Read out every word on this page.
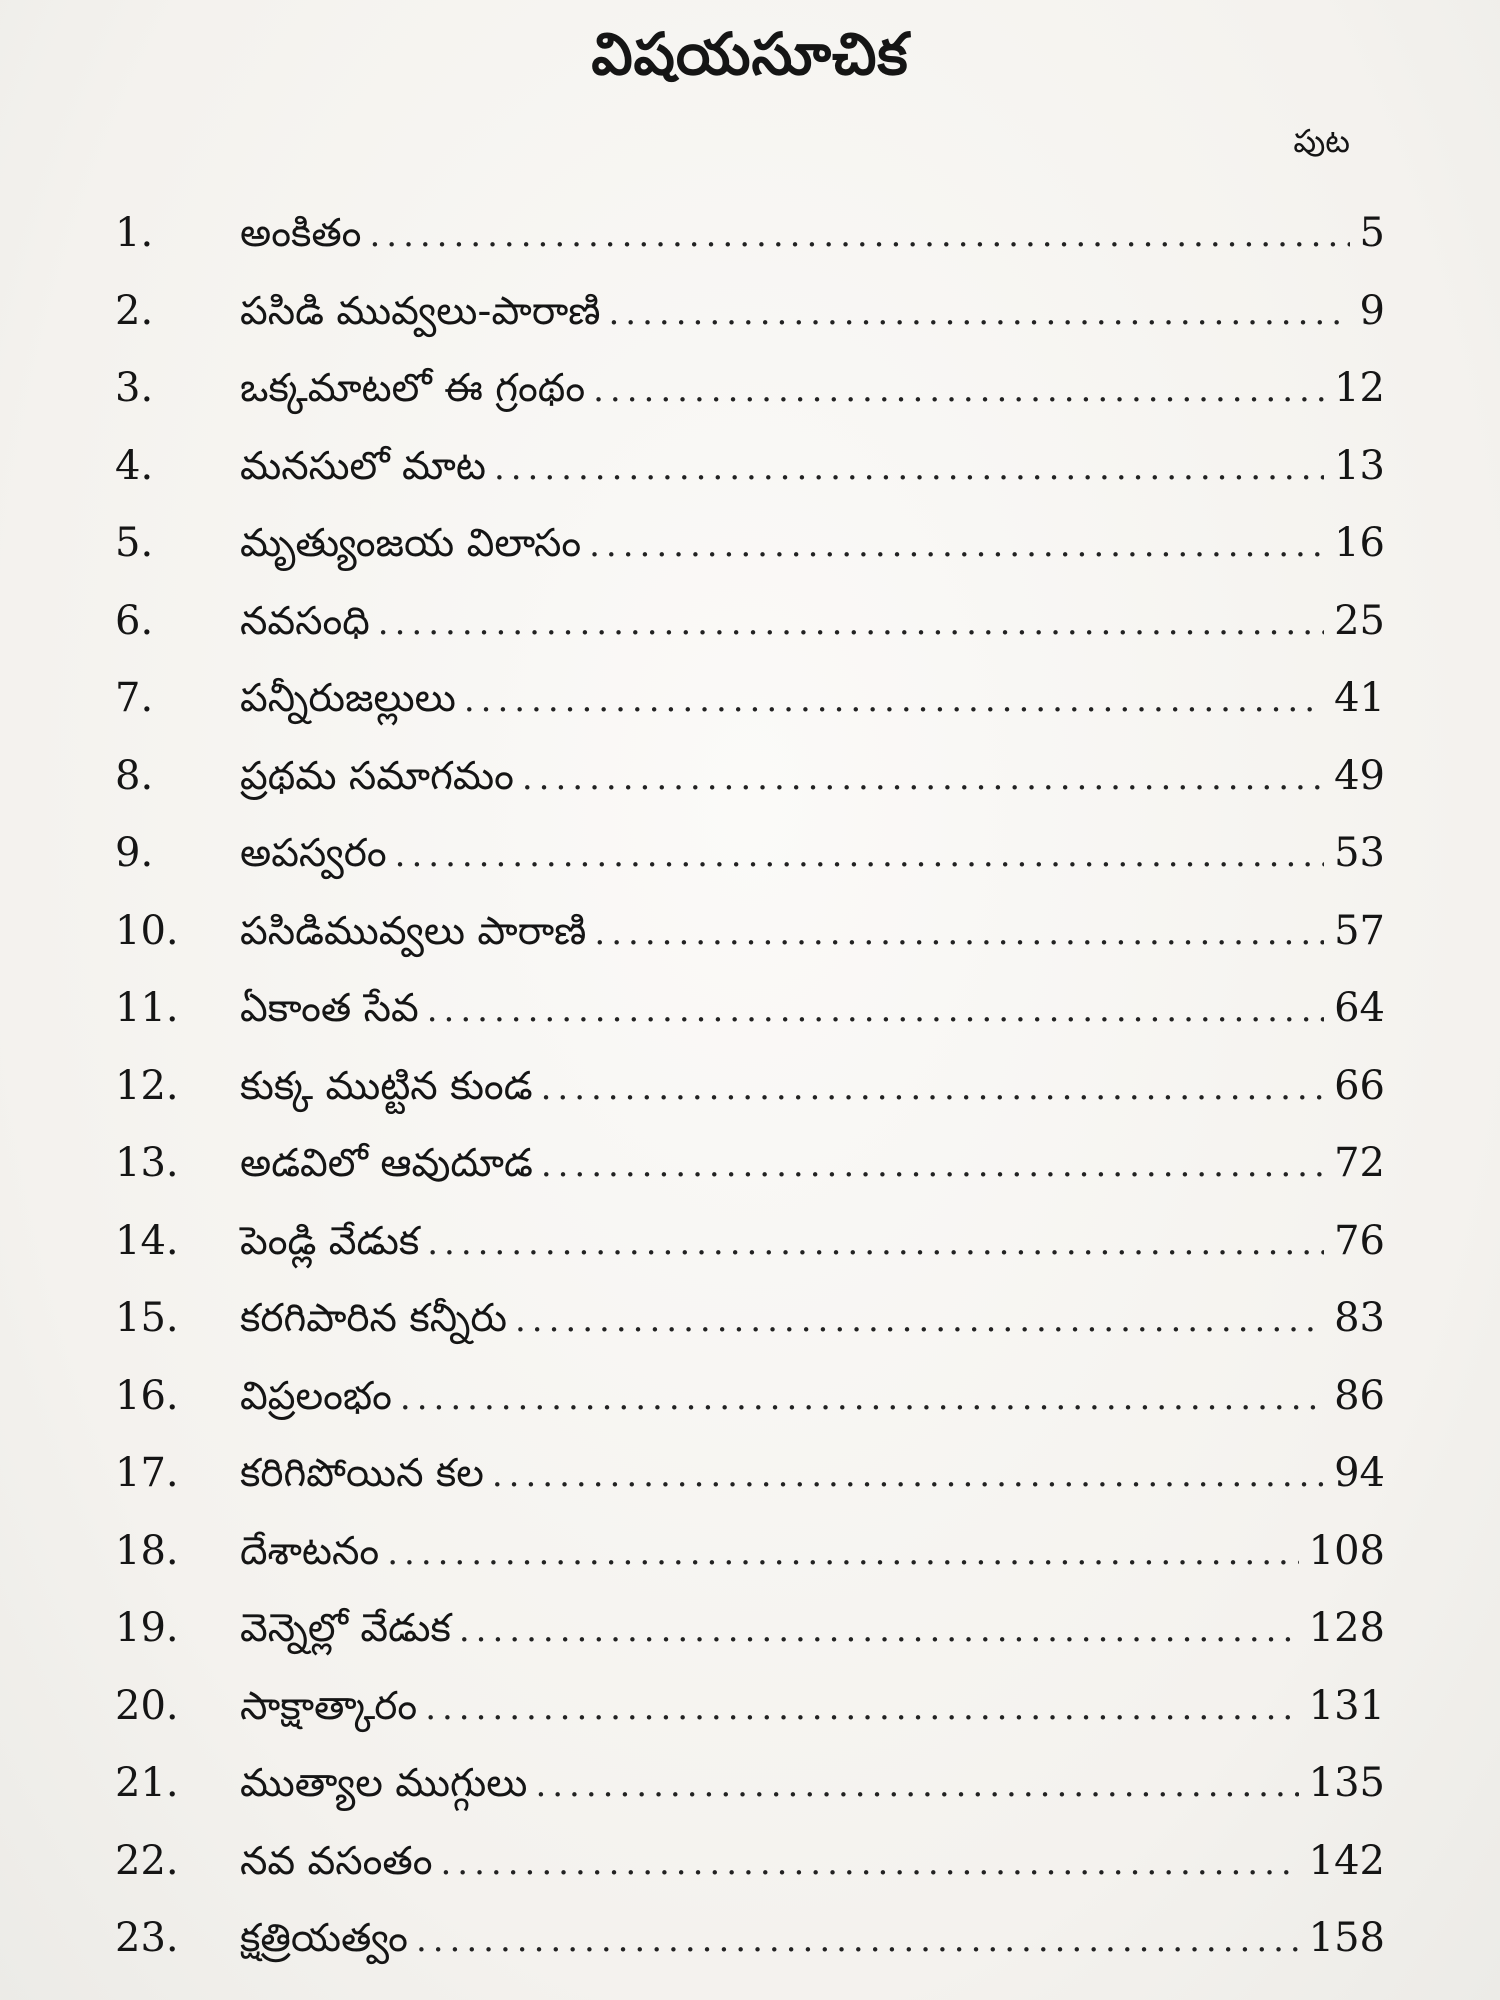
విషయసూచిక
పుట
1.	అంకితం .....	5
2.	పసిడి మువ్వలు-పారాణి .....	9
3.	ఒక్కమాటలో ఈ గ్రంథం .....	12
4.	మనసులో మాట .....	13
5.	మృత్యుంజయ విలాసం .....	16
6.	నవసంధి .....	25
7.	పన్నీరుజల్లులు .....	41
8.	ప్రథమ సమాగమం .....	49
9.	అపస్వరం .....	53
10.	పసిడిమువ్వలు పారాణి .....	57
11.	ఏకాంత సేవ .....	64
12.	కుక్క ముట్టిన కుండ .....	66
13.	అడవిలో ఆవుదూడ .....	72
14.	పెండ్లి వేడుక .....	76
15.	కరగిపారిన కన్నీరు .....	83
16.	విప్రలంభం .....	86
17.	కరిగిపోయిన కల .....	94
18.	దేశాటనం .....	108
19.	వెన్నెల్లో వేడుక .....	128
20.	సాక్షాత్కారం .....	131
21.	ముత్యాల ముగ్గులు .....	135
22.	నవ వసంతం .....	142
23.	క్షత్రియత్వం .....	158
